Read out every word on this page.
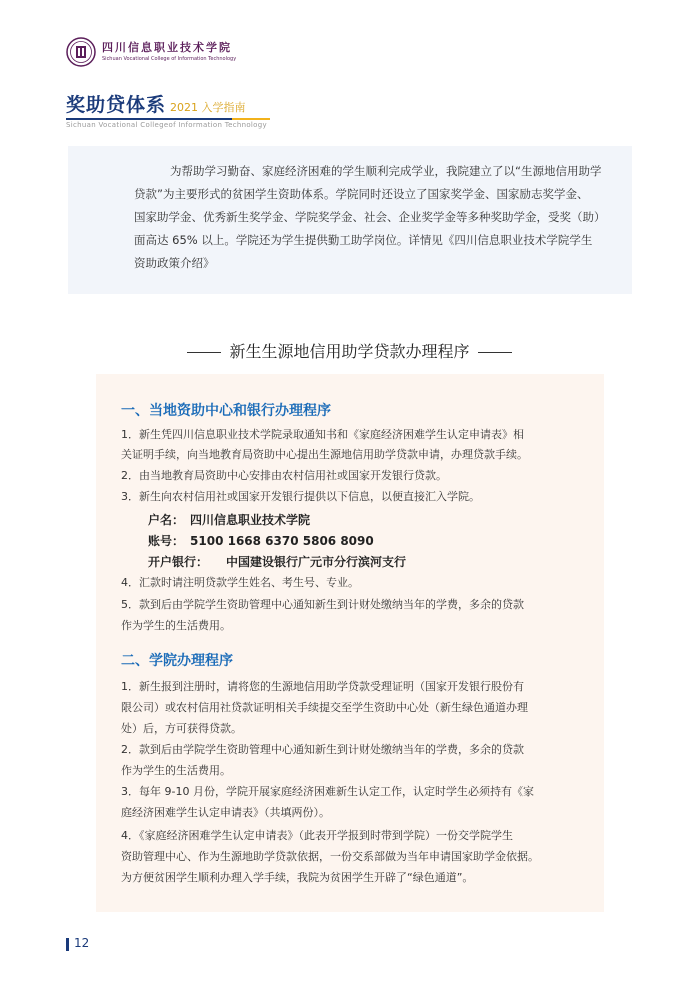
四川信息职业技术学院
Sichuan Vocational College of Information Technology
奖助贷体系 2021 入学指南
Sichuan Vocational Collegeof Information Technology
为帮助学习勤奋、家庭经济困难的学生顺利完成学业，我院建立了以“生源地信用助学
贷款”为主要形式的贫困学生资助体系。学院同时还设立了国家奖学金、国家励志奖学金、
国家助学金、优秀新生奖学金、学院奖学金、社会、企业奖学金等多种奖助学金，受奖（助）
面高达 65% 以上。学院还为学生提供勤工助学岗位。详情见《四川信息职业技术学院学生
资助政策介绍》
新生生源地信用助学贷款办理程序
一、当地资助中心和银行办理程序
1．新生凭四川信息职业技术学院录取通知书和《家庭经济困难学生认定申请表》相
关证明手续，向当地教育局资助中心提出生源地信用助学贷款申请，办理贷款手续。
2．由当地教育局资助中心安排由农村信用社或国家开发银行贷款。
3．新生向农村信用社或国家开发银行提供以下信息，以便直接汇入学院。
户名： 四川信息职业技术学院
账号： 5100 1668 6370 5806 8090
开户银行： 中国建设银行广元市分行滨河支行
4．汇款时请注明贷款学生姓名、考生号、专业。
5．款到后由学院学生资助管理中心通知新生到计财处缴纳当年的学费，多余的贷款
作为学生的生活费用。
二、学院办理程序
1．新生报到注册时，请将您的生源地信用助学贷款受理证明（国家开发银行股份有
限公司）或农村信用社贷款证明相关手续提交至学生资助中心处（新生绿色通道办理
处）后，方可获得贷款。
2．款到后由学院学生资助管理中心通知新生到计财处缴纳当年的学费，多余的贷款
作为学生的生活费用。
3．每年 9-10 月份，学院开展家庭经济困难新生认定工作，认定时学生必须持有《家
庭经济困难学生认定申请表》（共填两份）。
4．《家庭经济困难学生认定申请表》（此表开学报到时带到学院）一份交学院学生
资助管理中心、作为生源地助学贷款依据，一份交系部做为当年申请国家助学金依据。
为方便贫困学生顺利办理入学手续，我院为贫困学生开辟了“绿色通道”。
12
